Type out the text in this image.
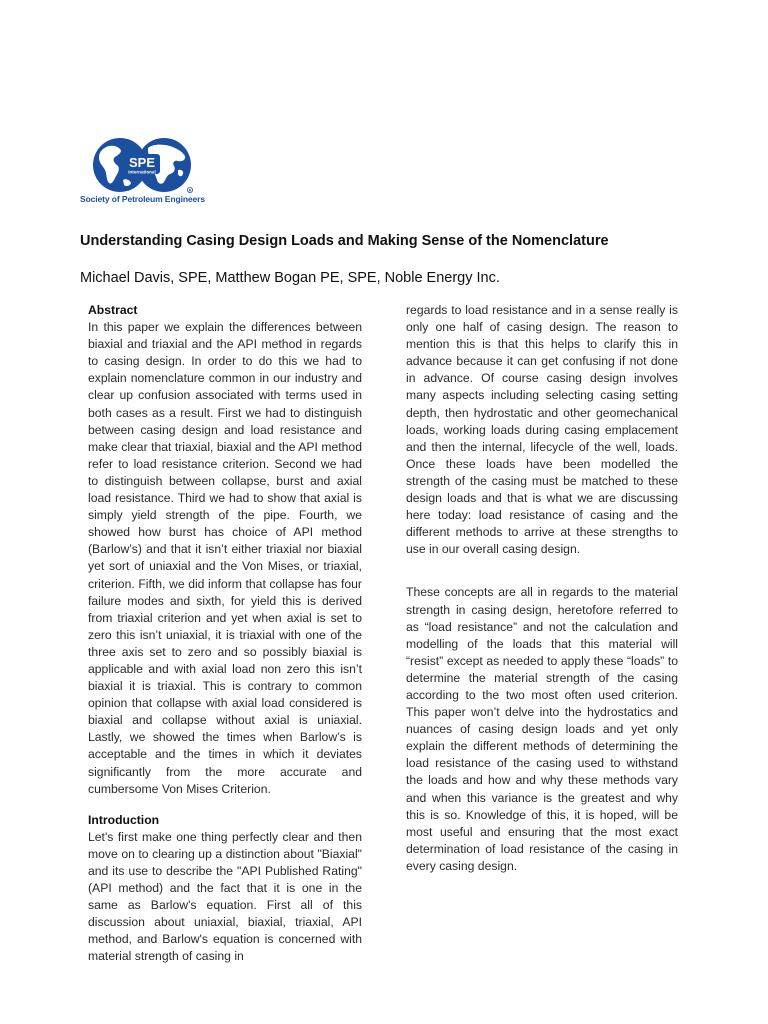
SPE
International
R
Society of Petroleum Engineers
Understanding Casing Design Loads and Making Sense of the Nomenclature
Michael Davis, SPE, Matthew Bogan PE, SPE, Noble Energy Inc.
Abstract

In this paper we explain the differences between biaxial and triaxial and the API method in regards to casing design. In order to do this we had to explain nomenclature common in our industry and clear up confusion associated with terms used in both cases as a result. First we had to distinguish between casing design and load resistance and make clear that triaxial, biaxial and the API method refer to load resistance criterion. Second we had to distinguish between collapse, burst and axial load resistance. Third we had to show that axial is simply yield strength of the pipe. Fourth, we showed how burst has choice of API method (Barlow’s) and that it isn’t either triaxial nor biaxial yet sort of uniaxial and the Von Mises, or triaxial, criterion. Fifth, we did inform that collapse has four failure modes and sixth, for yield this is derived from triaxial criterion and yet when axial is set to zero this isn’t uniaxial, it is triaxial with one of the three axis set to zero and so possibly biaxial is applicable and with axial load non zero this isn’t biaxial it is triaxial. This is contrary to common opinion that collapse with axial load considered is biaxial and collapse without axial is uniaxial. Lastly, we showed the times when Barlow’s is acceptable and the times in which it deviates significantly from the more accurate and cumbersome Von Mises Criterion.

Introduction

Let's first make one thing perfectly clear and then move on to clearing up a distinction about "Biaxial" and its use to describe the "API Published Rating" (API method) and the fact that it is one in the same as Barlow's equation. First all of this discussion about uniaxial, biaxial, triaxial, API method, and Barlow's equation is concerned with material strength of casing in

regards to load resistance and in a sense really is only one half of casing design. The reason to mention this is that this helps to clarify this in advance because it can get confusing if not done in advance. Of course casing design involves many aspects including selecting casing setting depth, then hydrostatic and other geomechanical loads, working loads during casing emplacement and then the internal, lifecycle of the well, loads. Once these loads have been modelled the strength of the casing must be matched to these design loads and that is what we are discussing here today: load resistance of casing and the different methods to arrive at these strengths to use in our overall casing design.

These concepts are all in regards to the material strength in casing design, heretofore referred to as “load resistance” and not the calculation and modelling of the loads that this material will “resist” except as needed to apply these “loads” to determine the material strength of the casing according to the two most often used criterion. This paper won’t delve into the hydrostatics and nuances of casing design loads and yet only explain the different methods of determining the load resistance of the casing used to withstand the loads and how and why these methods vary and when this variance is the greatest and why this is so. Knowledge of this, it is hoped, will be most useful and ensuring that the most exact determination of load resistance of the casing in every casing design.
